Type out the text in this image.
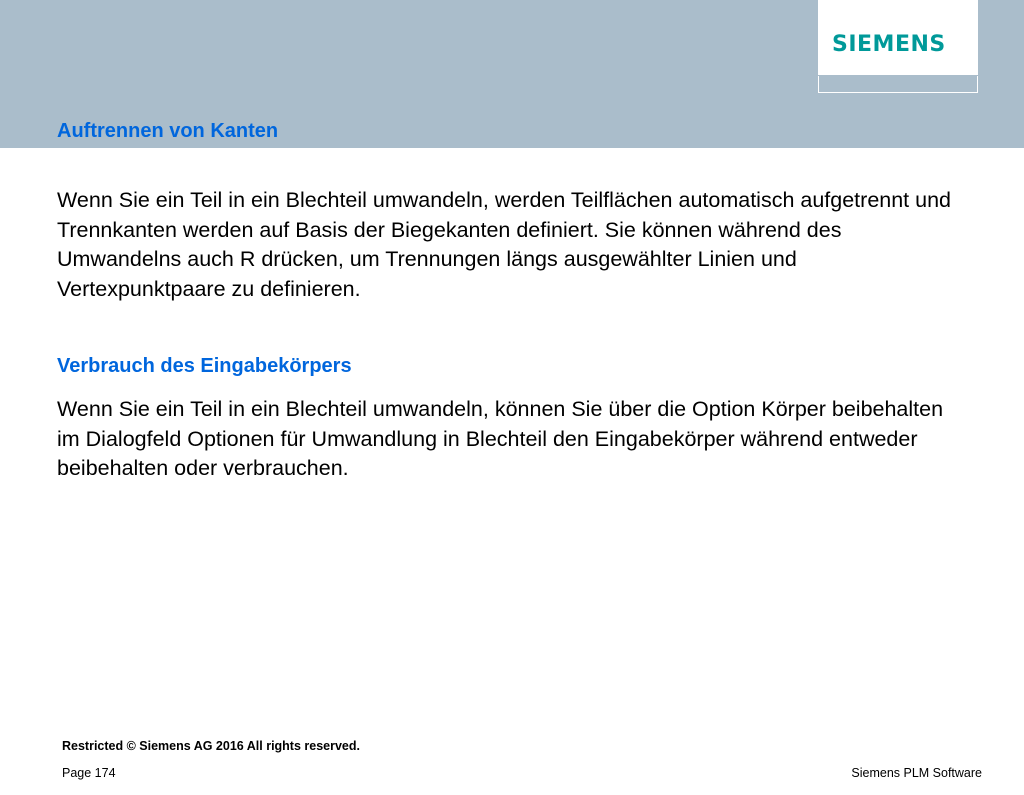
SIEMENS
Auftrennen von Kanten
Wenn Sie ein Teil in ein Blechteil umwandeln, werden Teilflächen automatisch aufgetrennt und Trennkanten werden auf Basis der Biegekanten definiert. Sie können während des Umwandelns auch R drücken, um Trennungen längs ausgewählter Linien und Vertexpunktpaare zu definieren.
Verbrauch des Eingabekörpers
Wenn Sie ein Teil in ein Blechteil umwandeln, können Sie über die Option Körper beibehalten im Dialogfeld Optionen für Umwandlung in Blechteil den Eingabekörper während entweder beibehalten oder verbrauchen.
Restricted © Siemens AG 2016 All rights reserved.
Page 174	Siemens PLM Software
